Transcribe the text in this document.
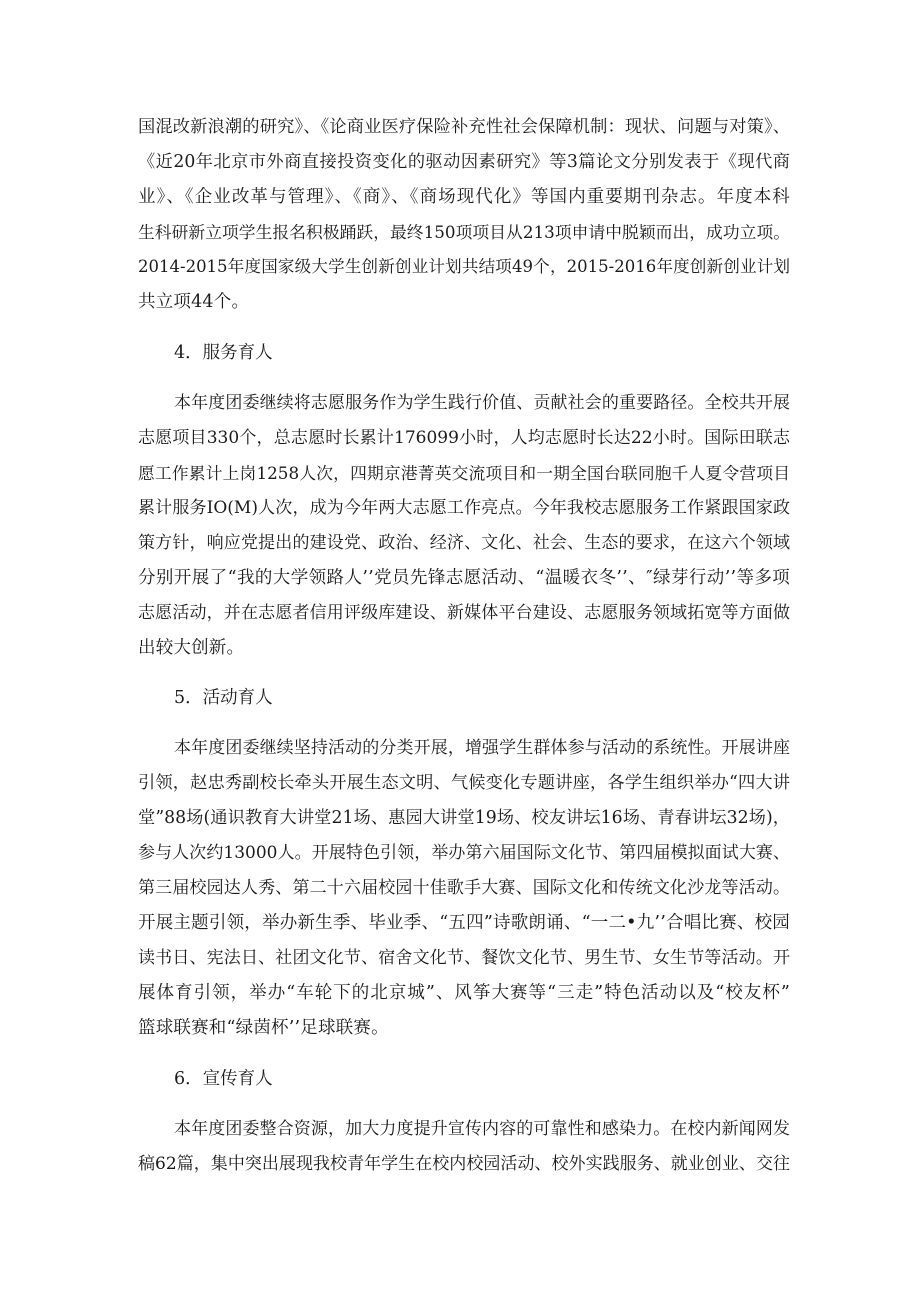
国混改新浪潮的研究》、《论商业医疗保险补充性社会保障机制：现状、问题与对策》、
《近20年北京市外商直接投资变化的驱动因素研究》等3篇论文分别发表于《现代商
业》、《企业改革与管理》、《商》、《商场现代化》等国内重要期刊杂志。年度本科
生科研新立项学生报名积极踊跃，最终150项项目从213项申请中脱颖而出，成功立项。
2014-2015年度国家级大学生创新创业计划共结项49个，2015-2016年度创新创业计划
共立项44个。
4．服务育人
本年度团委继续将志愿服务作为学生践行价值、贡献社会的重要路径。全校共开展
志愿项目330个，总志愿时长累计176099小时，人均志愿时长达22小时。国际田联志
愿工作累计上岗1258人次，四期京港菁英交流项目和一期全国台联同胞千人夏令营项目
累计服务IO(M)人次，成为今年两大志愿工作亮点。今年我校志愿服务工作紧跟国家政
策方针，响应党提出的建设党、政治、经济、文化、社会、生态的要求，在这六个领域
分别开展了“我的大学领路人’’党员先锋志愿活动、“温暖衣冬’’、″绿芽行动’’等多项
志愿活动，并在志愿者信用评级库建设、新媒体平台建设、志愿服务领域拓宽等方面做
出较大创新。
5．活动育人
本年度团委继续坚持活动的分类开展，增强学生群体参与活动的系统性。开展讲座
引领，赵忠秀副校长牵头开展生态文明、气候变化专题讲座，各学生组织举办“四大讲
堂”88场(通识教育大讲堂21场、惠园大讲堂19场、校友讲坛16场、青春讲坛32场)，
参与人次约13000人。开展特色引领，举办第六届国际文化节、第四届模拟面试大赛、
第三届校园达人秀、第二十六届校园十佳歌手大赛、国际文化和传统文化沙龙等活动。
开展主题引领，举办新生季、毕业季、“五四”诗歌朗诵、“一二•九’’合唱比赛、校园
读书日、宪法日、社团文化节、宿舍文化节、餐饮文化节、男生节、女生节等活动。开
展体育引领，举办“车轮下的北京城”、风筝大赛等“三走”特色活动以及“校友杯”
篮球联赛和“绿茵杯’’足球联赛。
6．宣传育人
本年度团委整合资源，加大力度提升宣传内容的可靠性和感染力。在校内新闻网发
稿62篇，集中突出展现我校青年学生在校内校园活动、校外实践服务、就业创业、交往
